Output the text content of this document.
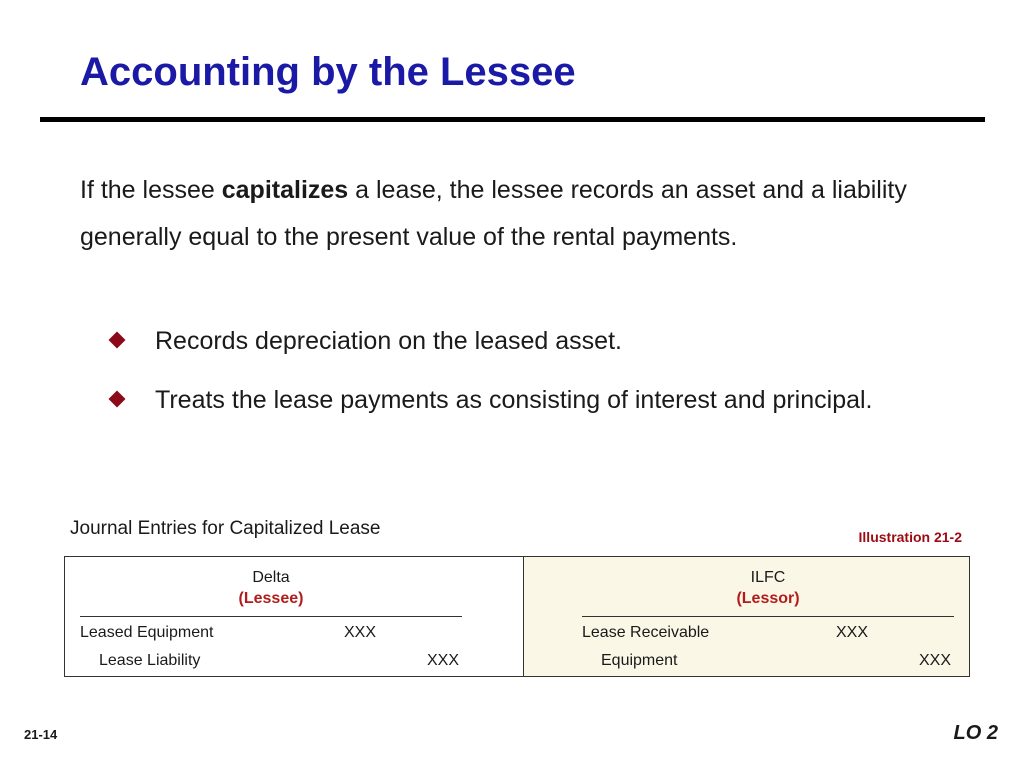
Accounting by the Lessee

If the lessee capitalizes a lease, the lessee records an asset and a liability generally equal to the present value of the rental payments.

Records depreciation on the leased asset.
Treats the lease payments as consisting of interest and principal.
Journal Entries for Capitalized Lease	Illustration 21-2
Delta
(Lessee)
Leased Equipment	XXX
Lease Liability	XXX
ILFC
(Lessor)
Lease Receivable	XXX
Equipment	XXX
21-14	LO 2
